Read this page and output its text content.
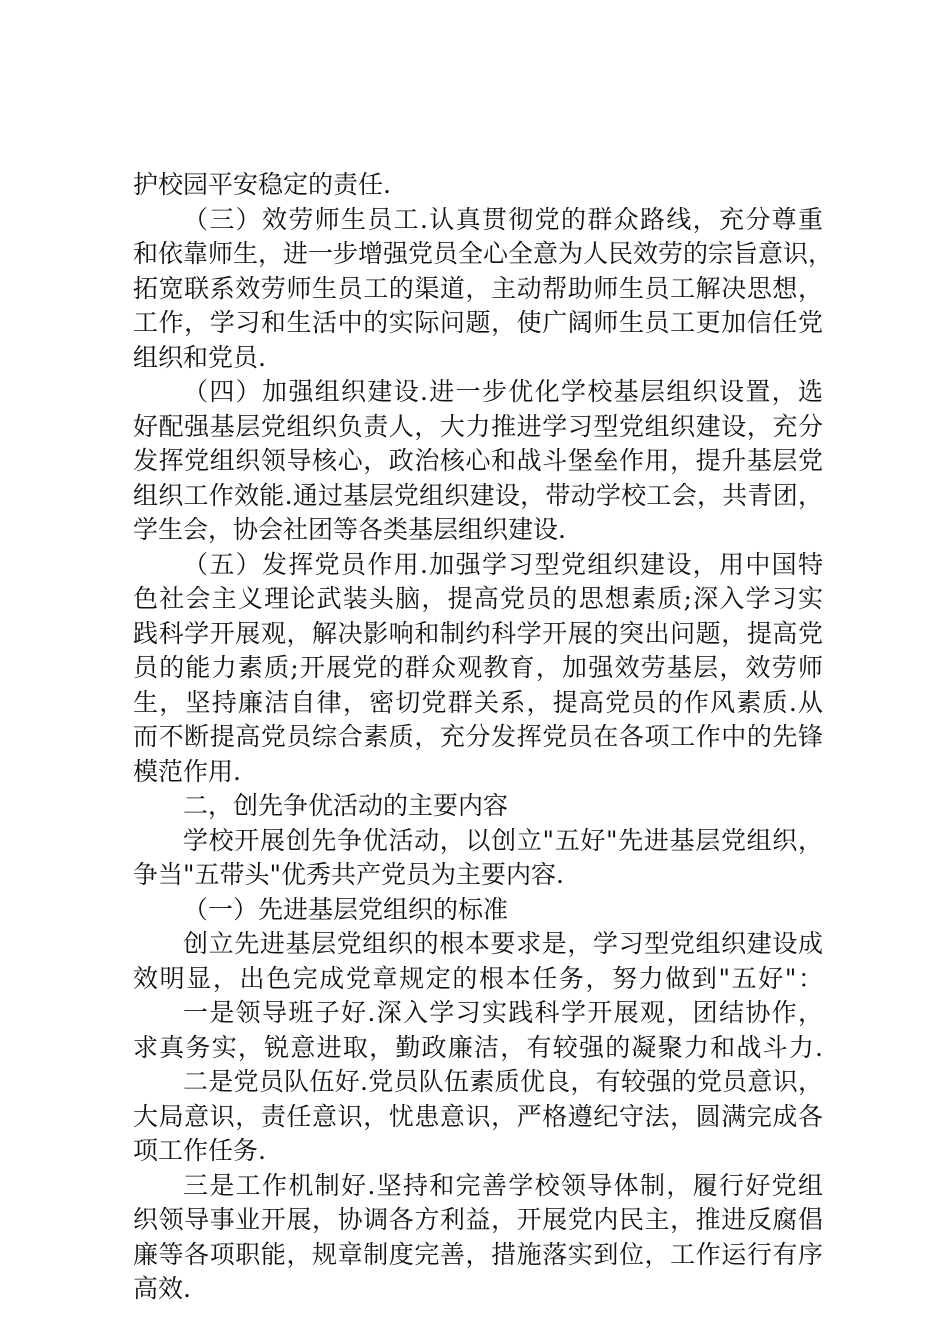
护校园平安稳定的责任.
（三）效劳师生员工.认真贯彻党的群众路线，充分尊重
和依靠师生，进一步增强党员全心全意为人民效劳的宗旨意识，
拓宽联系效劳师生员工的渠道，主动帮助师生员工解决思想，
工作，学习和生活中的实际问题，使广阔师生员工更加信任党
组织和党员.
（四）加强组织建设.进一步优化学校基层组织设置，选
好配强基层党组织负责人，大力推进学习型党组织建设，充分
发挥党组织领导核心，政治核心和战斗堡垒作用，提升基层党
组织工作效能.通过基层党组织建设，带动学校工会，共青团，
学生会，协会社团等各类基层组织建设.
（五）发挥党员作用.加强学习型党组织建设，用中国特
色社会主义理论武装头脑，提高党员的思想素质;深入学习实
践科学开展观，解决影响和制约科学开展的突出问题，提高党
员的能力素质;开展党的群众观教育，加强效劳基层，效劳师
生，坚持廉洁自律，密切党群关系，提高党员的作风素质.从
而不断提高党员综合素质，充分发挥党员在各项工作中的先锋
模范作用.
二，创先争优活动的主要内容
学校开展创先争优活动，以创立"五好"先进基层党组织，
争当"五带头"优秀共产党员为主要内容.
（一）先进基层党组织的标准
创立先进基层党组织的根本要求是，学习型党组织建设成
效明显，出色完成党章规定的根本任务，努力做到"五好"：
一是领导班子好.深入学习实践科学开展观，团结协作，
求真务实，锐意进取，勤政廉洁，有较强的凝聚力和战斗力.
二是党员队伍好.党员队伍素质优良，有较强的党员意识，
大局意识，责任意识，忧患意识，严格遵纪守法，圆满完成各
项工作任务.
三是工作机制好.坚持和完善学校领导体制，履行好党组
织领导事业开展，协调各方利益，开展党内民主，推进反腐倡
廉等各项职能，规章制度完善，措施落实到位，工作运行有序
高效.
